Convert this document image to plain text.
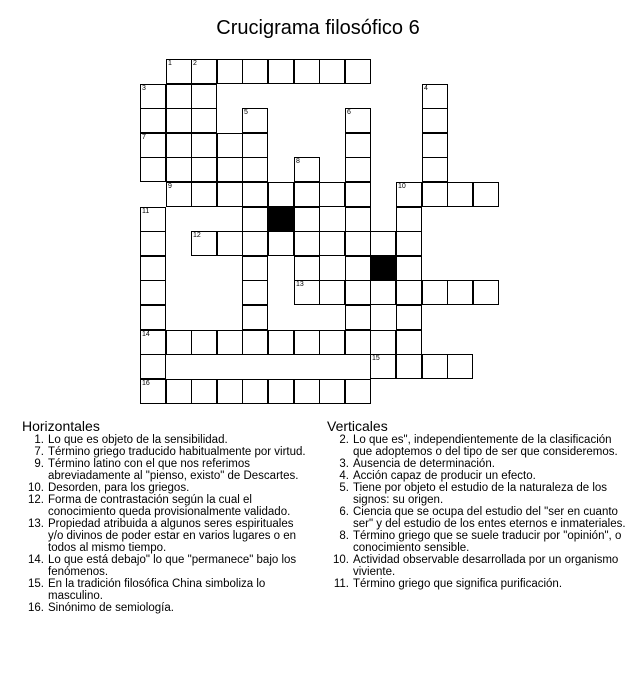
Crucigrama filosófico 6
1	2
3	4
5	6
7
8
9	10
11
12
13
14
15
16
Horizontales
1. Lo que es objeto de la sensibilidad.
7. Término griego traducido habitualmente por virtud.
9. Término latino con el que nos referimos abreviadamente al "pienso, existo" de Descartes.
10. Desorden, para los griegos.
12. Forma de contrastación según la cual el conocimiento queda provisionalmente validado.
13. Propiedad atribuida a algunos seres espirituales y/o divinos de poder estar en varios lugares o en todos al mismo tiempo.
14. Lo que está debajo" lo que "permanece" bajo los fenómenos.
15. En la tradición filosófica China simboliza lo masculino.
16. Sinónimo de semiología.
Verticales
2. Lo que es", independientemente de la clasificación que adoptemos o del tipo de ser que consideremos.
3. Ausencia de determinación.
4. Acción capaz de producir un efecto.
5. Tiene por objeto el estudio de la naturaleza de los signos: su origen.
6. Ciencia que se ocupa del estudio del "ser en cuanto ser" y del estudio de los entes eternos e inmateriales.
8. Término griego que se suele traducir por "opinión", o conocimiento sensible.
10. Actividad observable desarrollada por un organismo viviente.
11. Término griego que significa purificación.
